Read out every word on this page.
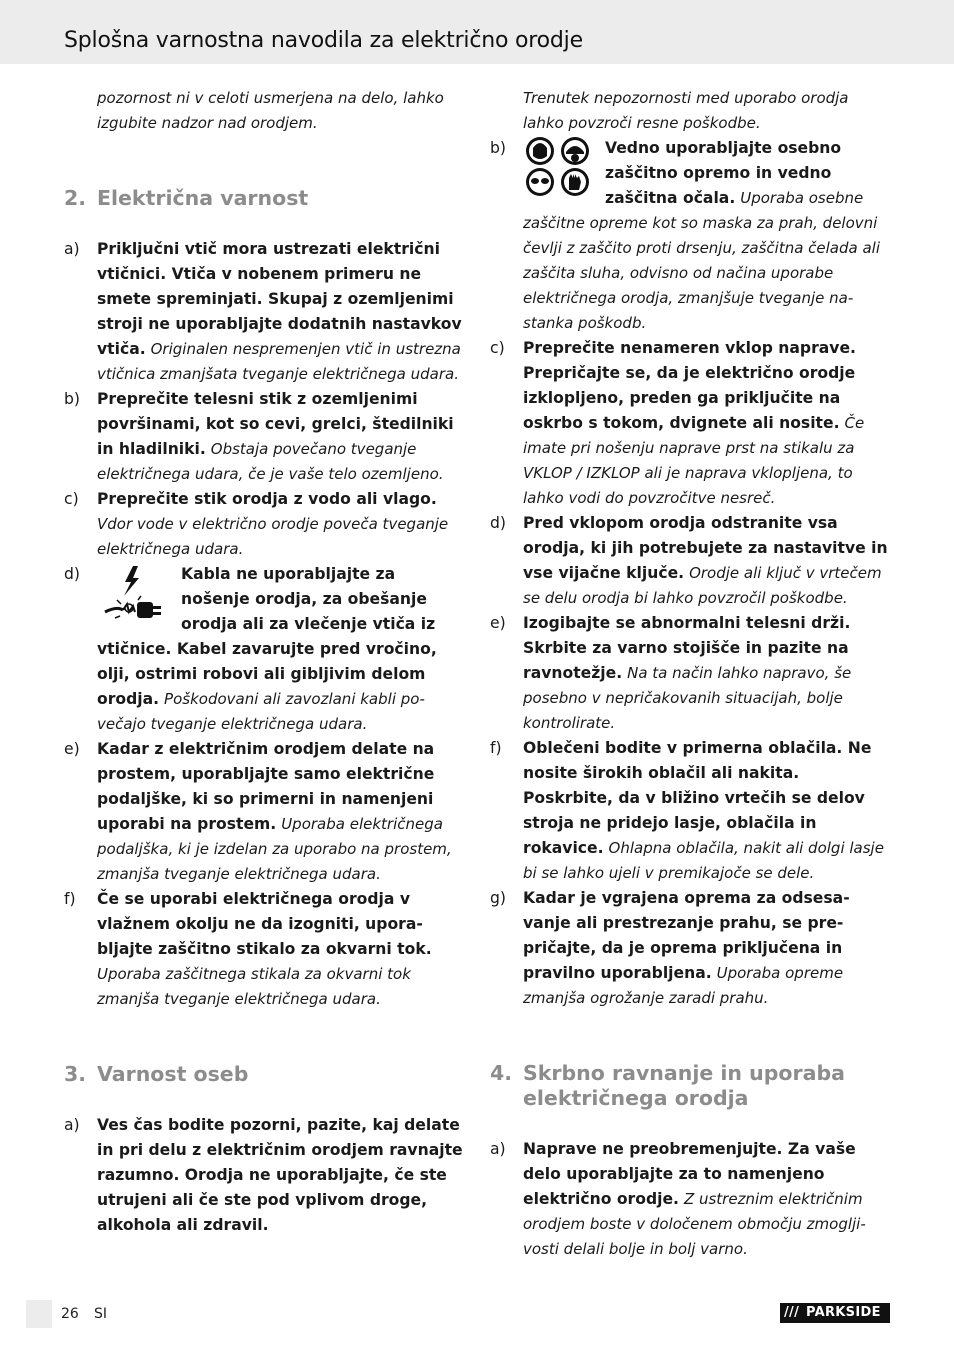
Splošna varnostna navodila za električno orodje
pozornost ni v celoti usmerjena na delo, lahko izgubite nadzor nad orodjem.
2. Električna varnost
a) Priključni vtič mora ustrezati električni vtičnici. Vtiča v nobenem primeru ne smete spreminjati. Skupaj z ozemljenimi stroji ne uporabljajte dodatnih nastavkov vtiča. Originalen nespremenjen vtič in ustrezna vtičnica zmanjšata tveganje električnega udara.
b) Preprečite telesni stik z ozemljenimi površinami, kot so cevi, grelci, štedilniki in hladilniki. Obstaja povečano tveganje električnega udara, če je vaše telo ozemljeno.
c) Preprečite stik orodja z vodo ali vlago. Vdor vode v električno orodje poveča tveganje električnega udara.
d)	Kabla ne uporabljajte za nošenje orodja, za obešanje orodja ali za vlečenje vtiča iz vtičnice. Kabel zavarujte pred vročino, olji, ostrimi robovi ali gibljivim delom orodja. Poškodovani ali zavozlani kabli povečajo tveganje električnega udara.
e) Kadar z električnim orodjem delate na prostem, uporabljajte samo električne podaljške, ki so primerni in namenjeni uporabi na prostem. Uporaba električnega podaljška, ki je izdelan za uporabo na prostem, zmanjša tveganje električnega udara.
f) Če se uporabi električnega orodja v vlažnem okolju ne da izogniti, uporabljajte zaščitno stikalo za okvarni tok. Uporaba zaščitnega stikala za okvarni tok zmanjša tveganje električnega udara.
3. Varnost oseb
a) Ves čas bodite pozorni, pazite, kaj delate in pri delu z električnim orodjem ravnajte razumno. Orodja ne uporabljajte, če ste utrujeni ali če ste pod vplivom droge, alkohola ali zdravil.
Trenutek nepozornosti med uporabo orodja lahko povzroči resne poškodbe.
b)	Vedno uporabljajte osebno zaščitno opremo in vedno zaščitna očala. Uporaba osebne zaščitne opreme kot so maska za prah, delovni čevlji z zaščito proti drsenju, zaščitna čelada ali zaščita sluha, odvisno od načina uporabe električnega orodja, zmanjšuje tveganje nastanka poškodb.
c) Preprečite nenameren vklop naprave. Prepričajte se, da je električno orodje izklopljeno, preden ga priključite na oskrbo s tokom, dvignete ali nosite. Če imate pri nošenju naprave prst na stikalu za VKLOP / IZKLOP ali je naprava vklopljena, to lahko vodi do povzročitve nesreč.
d) Pred vklopom orodja odstranite vsa orodja, ki jih potrebujete za nastavitve in vse vijačne ključe. Orodje ali ključ v vrtečem se delu orodja bi lahko povzročil poškodbe.
e) Izogibajte se abnormalni telesni drži. Skrbite za varno stojišče in pazite na ravnotežje. Na ta način lahko napravo, še posebno v nepričakovanih situacijah, bolje kontrolirate.
f) Oblečeni bodite v primerna oblačila. Ne nosite širokih oblačil ali nakita. Poskrbite, da v bližino vrtečih se delov stroja ne pridejo lasje, oblačila in rokavice. Ohlapna oblačila, nakit ali dolgi lasje bi se lahko ujeli v premikajoče se dele.
g) Kadar je vgrajena oprema za odsesavanje ali prestrezanje prahu, se prepričajte, da je oprema priključena in pravilno uporabljena. Uporaba opreme zmanjša ogrožanje zaradi prahu.
4. Skrbno ravnanje in uporaba električnega orodja
a) Naprave ne preobremenjujte. Za vaše delo uporabljajte za to namenjeno električno orodje. Z ustreznim električnim orodjem boste v določenem območju zmogljivosti delali bolje in bolj varno.
26 SI	/// PARKSIDE
